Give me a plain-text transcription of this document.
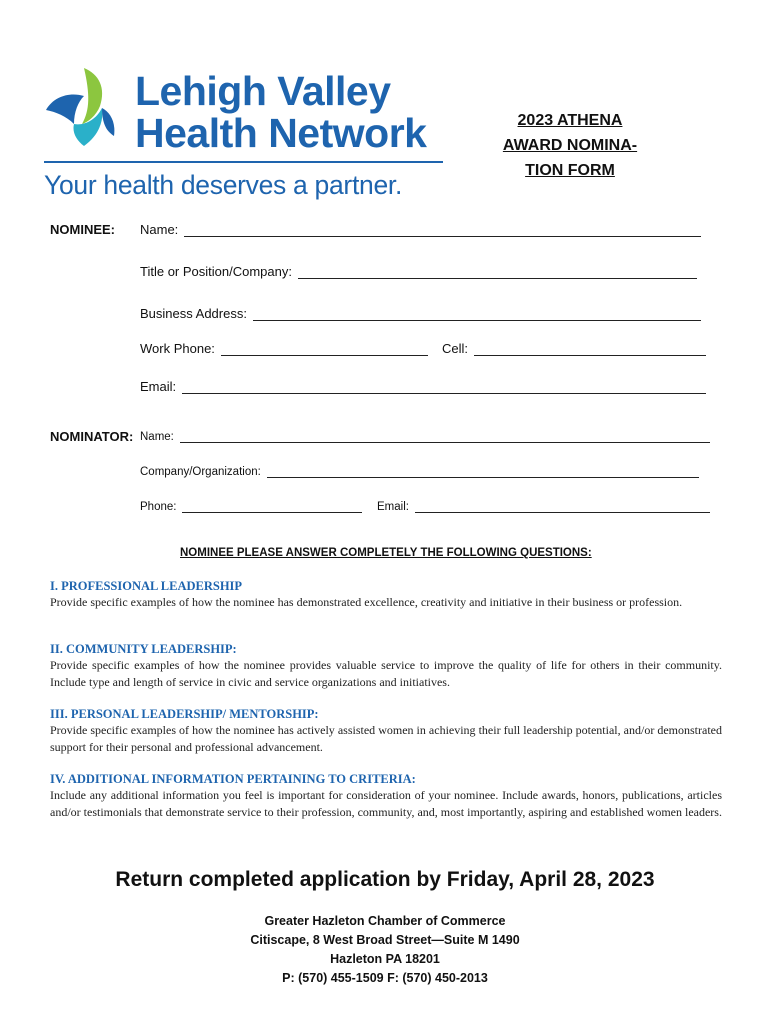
Lehigh Valley
Health Network
Your health deserves a partner.
2023 ATHENA
AWARD NOMINA-
TION FORM
NOMINEE: Name:
Title or Position/Company:
Business Address:
Work Phone:	Cell:
Email:
NOMINATOR: Name:
Company/Organization:
Phone:	Email:
NOMINEE PLEASE ANSWER COMPLETELY THE FOLLOWING QUESTIONS:
I. PROFESSIONAL LEADERSHIP
Provide specific examples of how the nominee has demonstrated excellence, creativity and initiative in their business or profession.
II. COMMUNITY LEADERSHIP:
Provide specific examples of how the nominee provides valuable service to improve the quality of life for others in their community. Include type and length of service in civic and service organizations and initiatives.
III. PERSONAL LEADERSHIP/ MENTORSHIP:
Provide specific examples of how the nominee has actively assisted women in achieving their full leadership potential, and/or demonstrated support for their personal and professional advancement.
IV. ADDITIONAL INFORMATION PERTAINING TO CRITERIA:
Include any additional information you feel is important for consideration of your nominee. Include awards, honors, publications, articles and/or testimonials that demonstrate service to their profession, community, and, most importantly, aspiring and established women leaders.
Return completed application by Friday, April 28, 2023
Greater Hazleton Chamber of Commerce
Citiscape, 8 West Broad Street—Suite M 1490
Hazleton PA 18201
P: (570) 455-1509 F: (570) 450-2013
